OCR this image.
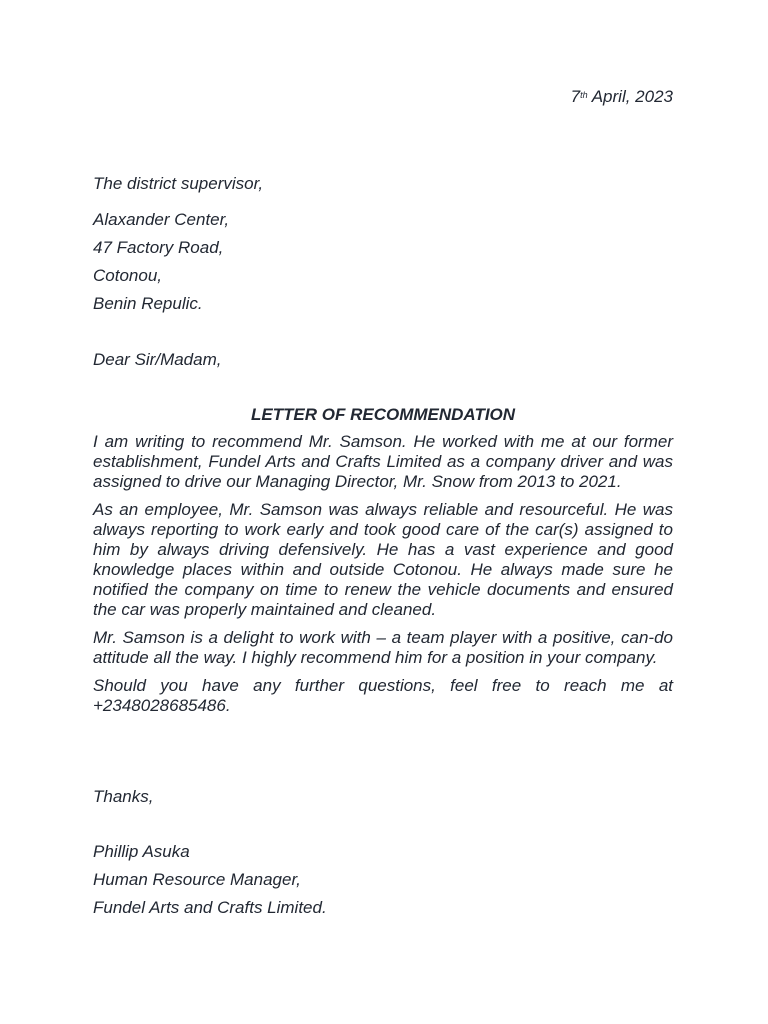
7th April, 2023
The district supervisor,
Alaxander Center,
47 Factory Road,
Cotonou,
Benin Repulic.
Dear Sir/Madam,
LETTER OF RECOMMENDATION

I am writing to recommend Mr. Samson. He worked with me at our former establishment, Fundel Arts and Crafts Limited as a company driver and was assigned to drive our Managing Director, Mr. Snow from 2013 to 2021.

As an employee, Mr. Samson was always reliable and resourceful. He was always reporting to work early and took good care of the car(s) assigned to him by always driving defensively. He has a vast experience and good knowledge places within and outside Cotonou. He always made sure he notified the company on time to renew the vehicle documents and ensured the car was properly maintained and cleaned.

Mr. Samson is a delight to work with – a team player with a positive, can-do attitude all the way. I highly recommend him for a position in your company.

Should you have any further questions, feel free to reach me at +2348028685486.

Thanks,
Phillip Asuka
Human Resource Manager,
Fundel Arts and Crafts Limited.
